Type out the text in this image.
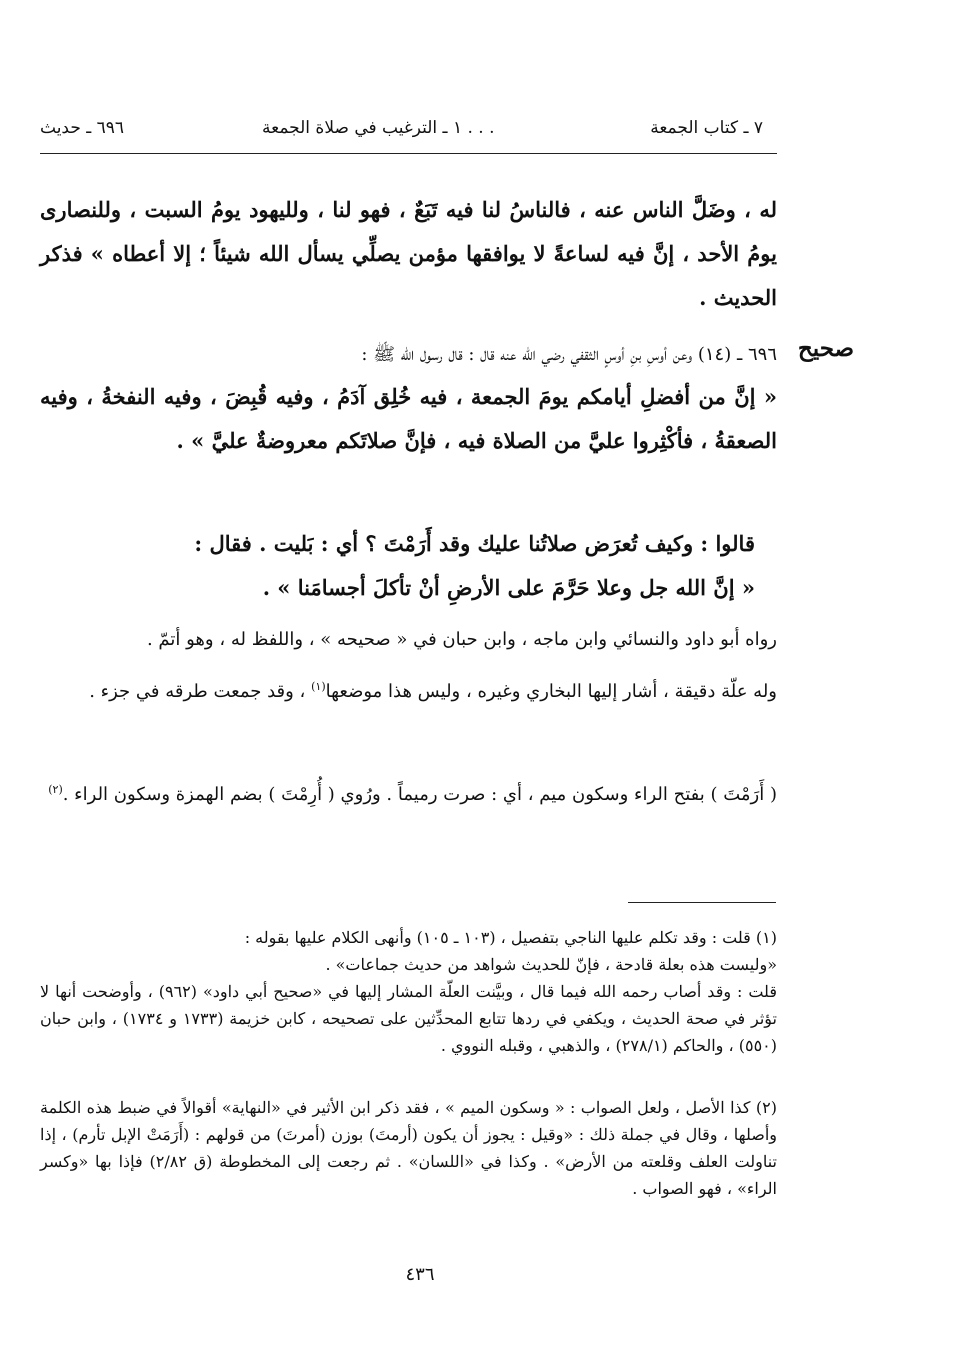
٧ ـ كتاب الجمعة
١ ـ الترغيب في صلاة الجمعة . . .
٦٩٦ ـ حديث
له ، وضَلَّ الناس عنه ، فالناسُ لنا فيه تَبَعٌ ، فهو لنا ، ولليهود يومُ السبت ، وللنصارى يومُ الأحد ، إنَّ فيه لساعةً لا يوافقها مؤمن يصلِّي يسأل الله شيئاً ؛ إلا أعطاه » فذكر الحديث .
صحيح
٦٩٦ ـ (١٤) وعن أوسِ بنِ أوسٍ الثقفي رضي الله عنه قال : قال رسول الله ﷺ :
« إنَّ من أفضلِ أيامكم يومَ الجمعة ، فيه خُلِق آدَمُ ، وفيه قُبِضَ ، وفيه النفخةُ ، وفيه الصعقةُ ، فأكْثِروا عليَّ من الصلاة فيه ، فإنَّ صلاتَكم معروضةٌ عليَّ » .
قالوا : وكيف تُعرَض صلاتُنا عليك وقد أَرَمْتَ ؟ أي : بَليت . فقال :
« إنَّ الله جل وعلا حَرَّمَ على الأرضِ أنْ تأكلَ أجسامَنا » .
رواه أبو داود والنسائي وابن ماجه ، وابن حبان في « صحيحه » ، واللفظ له ، وهو أتمّ .
وله علّة دقيقة ، أشار إليها البخاري وغيره ، وليس هذا موضعها$^{(١)}$ ، وقد جمعت طرقه في جزء .
( أَرَمْتَ ) بفتح الراء وسكون ميم ، أي : صرت رميماً . ورُوي ( أُرِمْتَ ) بضم الهمزة وسكون الراء .$^{(٢)}$

(١) قلت : وقد تكلم عليها الناجي بتفصيل ، (١٠٣ ـ ١٠٥) وأنهى الكلام عليها بقوله :

«وليست هذه بعلة قادحة ، فإنّ للحديث شواهد من حديث جماعات» .

قلت : وقد أصاب رحمه الله فيما قال ، وبيَّنت العلّة المشار إليها في «صحيح أبي داود» (٩٦٢) ، وأوضحت أنها لا تؤثر في صحة الحديث ، ويكفي في ردها تتابع المحدِّثين على تصحيحه ، كابن خزيمة (١٧٣٣ و ١٧٣٤) ، وابن حبان (٥٥٠) ، والحاكم (٢٧٨/١) ، والذهبي ، وقبله النووي .

(٢) كذا الأصل ، ولعل الصواب : « وسكون الميم » ، فقد ذكر ابن الأثير في «النهاية» أقوالاً في ضبط هذه الكلمة وأصلها ، وقال في جملة ذلك : «وقيل : يجوز أن يكون (أرمتَ) بوزن (أمرتَ) من قولهم : (أَرَمَتْ الإبل تأرم) ، إذا تناولت العلف وقلعته من الأرض» . وكذا في «اللسان» . ثم رجعت إلى المخطوطة (ق ٢/٨٢) فإذا بها «وكسر الراء» ، فهو الصواب .
٤٣٦
